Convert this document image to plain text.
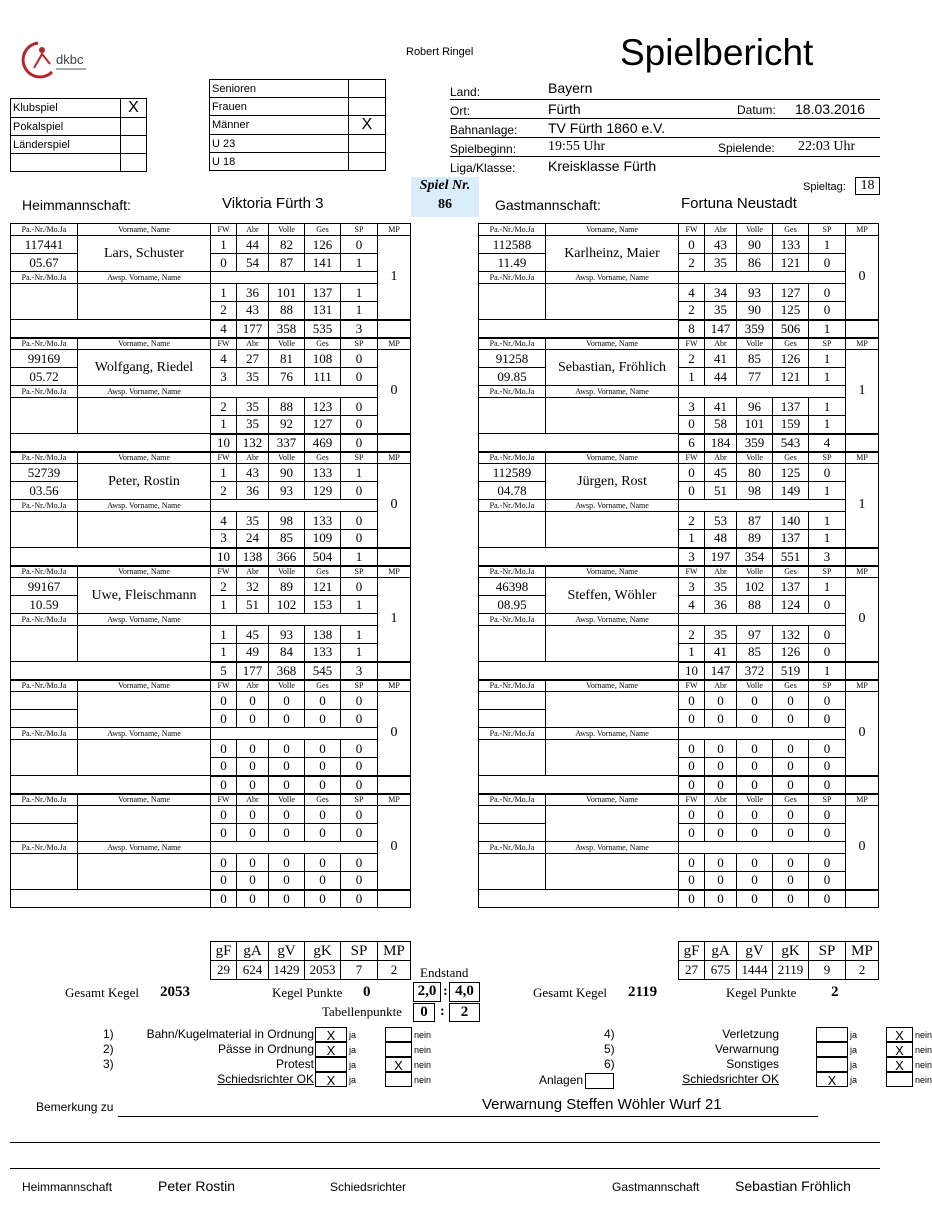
dkbc	Robert Ringel	Spielbericht
Klubspiel	X
Pokalspiel	
Länderspiel	

Senioren	
Frauen	
Männer	X
U 23	
U 18	
Land:	Bayern
Ort:	Fürth	Datum: 18.03.2016
Bahnanlage: TV Fürth 1860 e.V.
Spielbeginn: 19:55 Uhr	Spielende: 22:03 Uhr
Liga/Klasse: Kreisklasse Fürth
Heimmannschaft:	Viktoria Fürth 3
Spiel Nr.
86	Gastmannschaft:	Fortuna Neustadt
Spieltag:	18
Pa.-Nr./Mo.Ja	Vorname, Name	FW	Abr	Volle	Ges	SP	MP
117441	Lars, Schuster	1	44	82	126	0	1
05.67		0	54	87	141	1	
Pa.-Nr./Mo.Ja	Awsp. Vorname, Name						
		1	36	101	137	1	
		2	43	88	131	1	
		4	177	358	535	3	
Pa.-Nr./Mo.Ja	Vorname, Name	FW	Abr	Volle	Ges	SP	MP
99169	Wolfgang, Riedel	4	27	81	108	0	0
05.72		3	35	76	111	0	
Pa.-Nr./Mo.Ja	Awsp. Vorname, Name						
		2	35	88	123	0	
		1	35	92	127	0	
		10	132	337	469	0	
Pa.-Nr./Mo.Ja	Vorname, Name	FW	Abr	Volle	Ges	SP	MP
52739	Peter, Rostin	1	43	90	133	1	0
03.56		2	36	93	129	0	
Pa.-Nr./Mo.Ja	Awsp. Vorname, Name						
		4	35	98	133	0	
		3	24	85	109	0	
		10	138	366	504	1	
Pa.-Nr./Mo.Ja	Vorname, Name	FW	Abr	Volle	Ges	SP	MP
99167	Uwe, Fleischmann	2	32	89	121	0	1
10.59		1	51	102	153	1	
Pa.-Nr./Mo.Ja	Awsp. Vorname, Name						
		1	45	93	138	1	
		1	49	84	133	1	
		5	177	368	545	3	
Pa.-Nr./Mo.Ja	Vorname, Name	FW	Abr	Volle	Ges	SP	MP
		0	0	0	0	0	0
		0	0	0	0	0	
Pa.-Nr./Mo.Ja	Awsp. Vorname, Name						
		0	0	0	0	0	
		0	0	0	0	0	
		0	0	0	0	0	
Pa.-Nr./Mo.Ja	Vorname, Name	FW	Abr	Volle	Ges	SP	MP
		0	0	0	0	0	0
		0	0	0	0	0	
Pa.-Nr./Mo.Ja	Awsp. Vorname, Name						
		0	0	0	0	0	
		0	0	0	0	0	
		0	0	0	0	0	
Pa.-Nr./Mo.Ja	Vorname, Name	FW	Abr	Volle	Ges	SP	MP
112588	Karlheinz, Maier	0	43	90	133	1	0
11.49		2	35	86	121	0	
Pa.-Nr./Mo.Ja	Awsp. Vorname, Name						
		4	34	93	127	0	
		2	35	90	125	0	
		8	147	359	506	1	
Pa.-Nr./Mo.Ja	Vorname, Name	FW	Abr	Volle	Ges	SP	MP
91258	Sebastian, Fröhlich	2	41	85	126	1	1
09.85		1	44	77	121	1	
Pa.-Nr./Mo.Ja	Awsp. Vorname, Name						
		3	41	96	137	1	
		0	58	101	159	1	
		6	184	359	543	4	
Pa.-Nr./Mo.Ja	Vorname, Name	FW	Abr	Volle	Ges	SP	MP
112589	Jürgen, Rost	0	45	80	125	0	1
04.78		0	51	98	149	1	
Pa.-Nr./Mo.Ja	Awsp. Vorname, Name						
		2	53	87	140	1	
		1	48	89	137	1	
		3	197	354	551	3	
Pa.-Nr./Mo.Ja	Vorname, Name	FW	Abr	Volle	Ges	SP	MP
46398	Steffen, Wöhler	3	35	102	137	1	0
08.95		4	36	88	124	0	
Pa.-Nr./Mo.Ja	Awsp. Vorname, Name						
		2	35	97	132	0	
		1	41	85	126	0	
		10	147	372	519	1	
Pa.-Nr./Mo.Ja	Vorname, Name	FW	Abr	Volle	Ges	SP	MP
		0	0	0	0	0	0
		0	0	0	0	0	
Pa.-Nr./Mo.Ja	Awsp. Vorname, Name						
		0	0	0	0	0	
		0	0	0	0	0	
		0	0	0	0	0	
Pa.-Nr./Mo.Ja	Vorname, Name	FW	Abr	Volle	Ges	SP	MP
		0	0	0	0	0	0
		0	0	0	0	0	
Pa.-Nr./Mo.Ja	Awsp. Vorname, Name						
		0	0	0	0	0	
		0	0	0	0	0	
		0	0	0	0	0	
gF	gA	gV	gK	SP	MP
29	624	1429	2053	7	2
gF	gA	gV	gK	SP	MP
27	675	1444	2119	9	2
Endstand
Gesamt Kegel 2053	Kegel Punkte 0	2,0 : 4,0
Tabellenpunkte	0 :	2
Gesamt Kegel 2119	Kegel Punkte 2
1)	Bahn/Kugelmaterial in Ordnung X	ja	nein
2)	Pässe in Ordnung X	ja	nein
3)	Protest	ja	X	nein
Schiedsrichter OK X	ja	nein
4)	Verletzung	ja	X	nein
5)	Verwarnung	ja	X	nein
6)	Sonstiges	ja	X	nein
Schiedsrichter OK	X	ja	nein
Anlagen
Bemerkung zu	Verwarnung Steffen Wöhler Wurf 21
Heimmannschaft	Peter Rostin	Schiedsrichter	Gastmannschaft	Sebastian Fröhlich
